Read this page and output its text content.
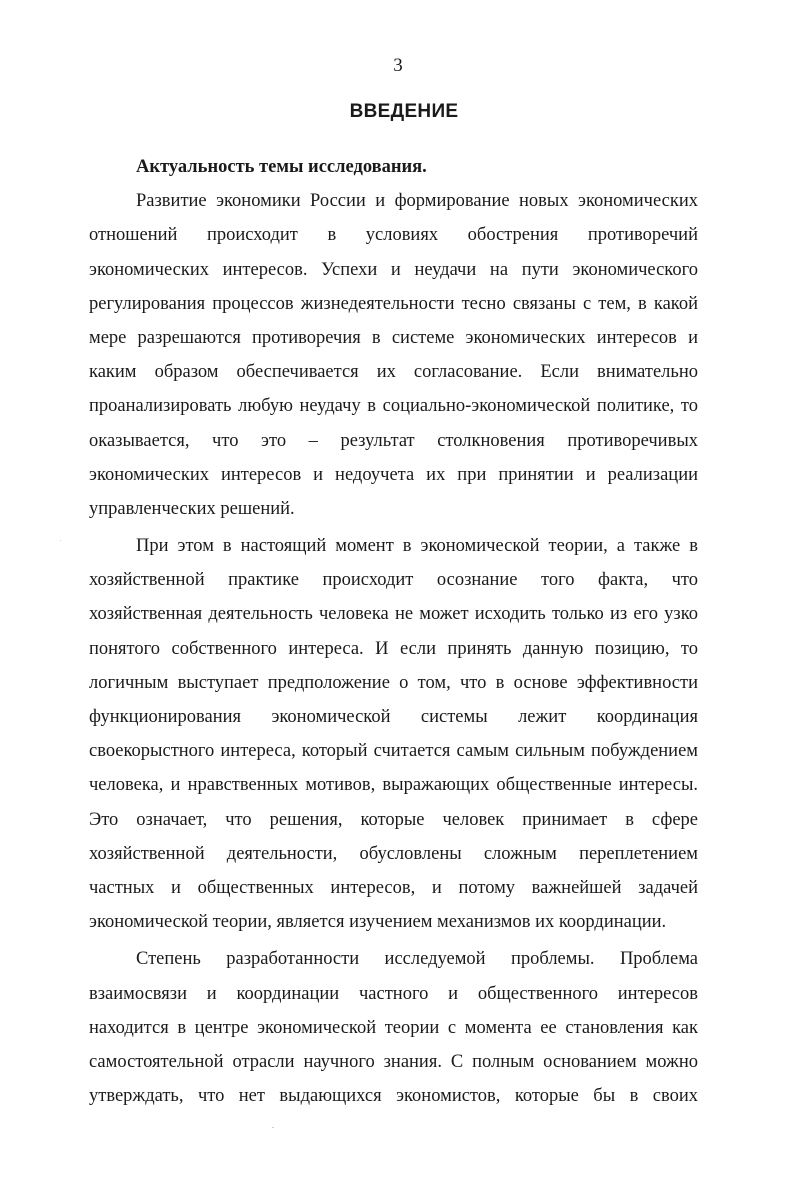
3
ВВЕДЕНИЕ
Актуальность темы исследования.
Развитие экономики России и формирование новых экономических
отношений происходит в условиях обострения противоречий
экономических интересов. Успехи и неудачи на пути экономического
регулирования процессов жизнедеятельности тесно связаны с тем, в какой
мере разрешаются противоречия в системе экономических интересов и
каким образом обеспечивается их согласование. Если внимательно
проанализировать любую неудачу в социально-экономической политике, то
оказывается, что это – результат столкновения противоречивых
экономических интересов и недоучета их при принятии и реализации
управленческих решений.
При этом в настоящий момент в экономической теории, а также в
хозяйственной практике происходит осознание того факта, что
хозяйственная деятельность человека не может исходить только из его узко
понятого собственного интереса. И если принять данную позицию, то
логичным выступает предположение о том, что в основе эффективности
функционирования экономической системы лежит координация
своекорыстного интереса, который считается самым сильным побуждением
человека, и нравственных мотивов, выражающих общественные интересы.
Это означает, что решения, которые человек принимает в сфере
хозяйственной деятельности, обусловлены сложным переплетением
частных и общественных интересов, и потому важнейшей задачей
экономической теории, является изучением механизмов их координации.
Степень разработанности исследуемой проблемы. Проблема
взаимосвязи и координации частного и общественного интересов
находится в центре экономической теории с момента ее становления как
самостоятельной отрасли научного знания. С полным основанием можно
утверждать, что нет выдающихся экономистов, которые бы в своих
